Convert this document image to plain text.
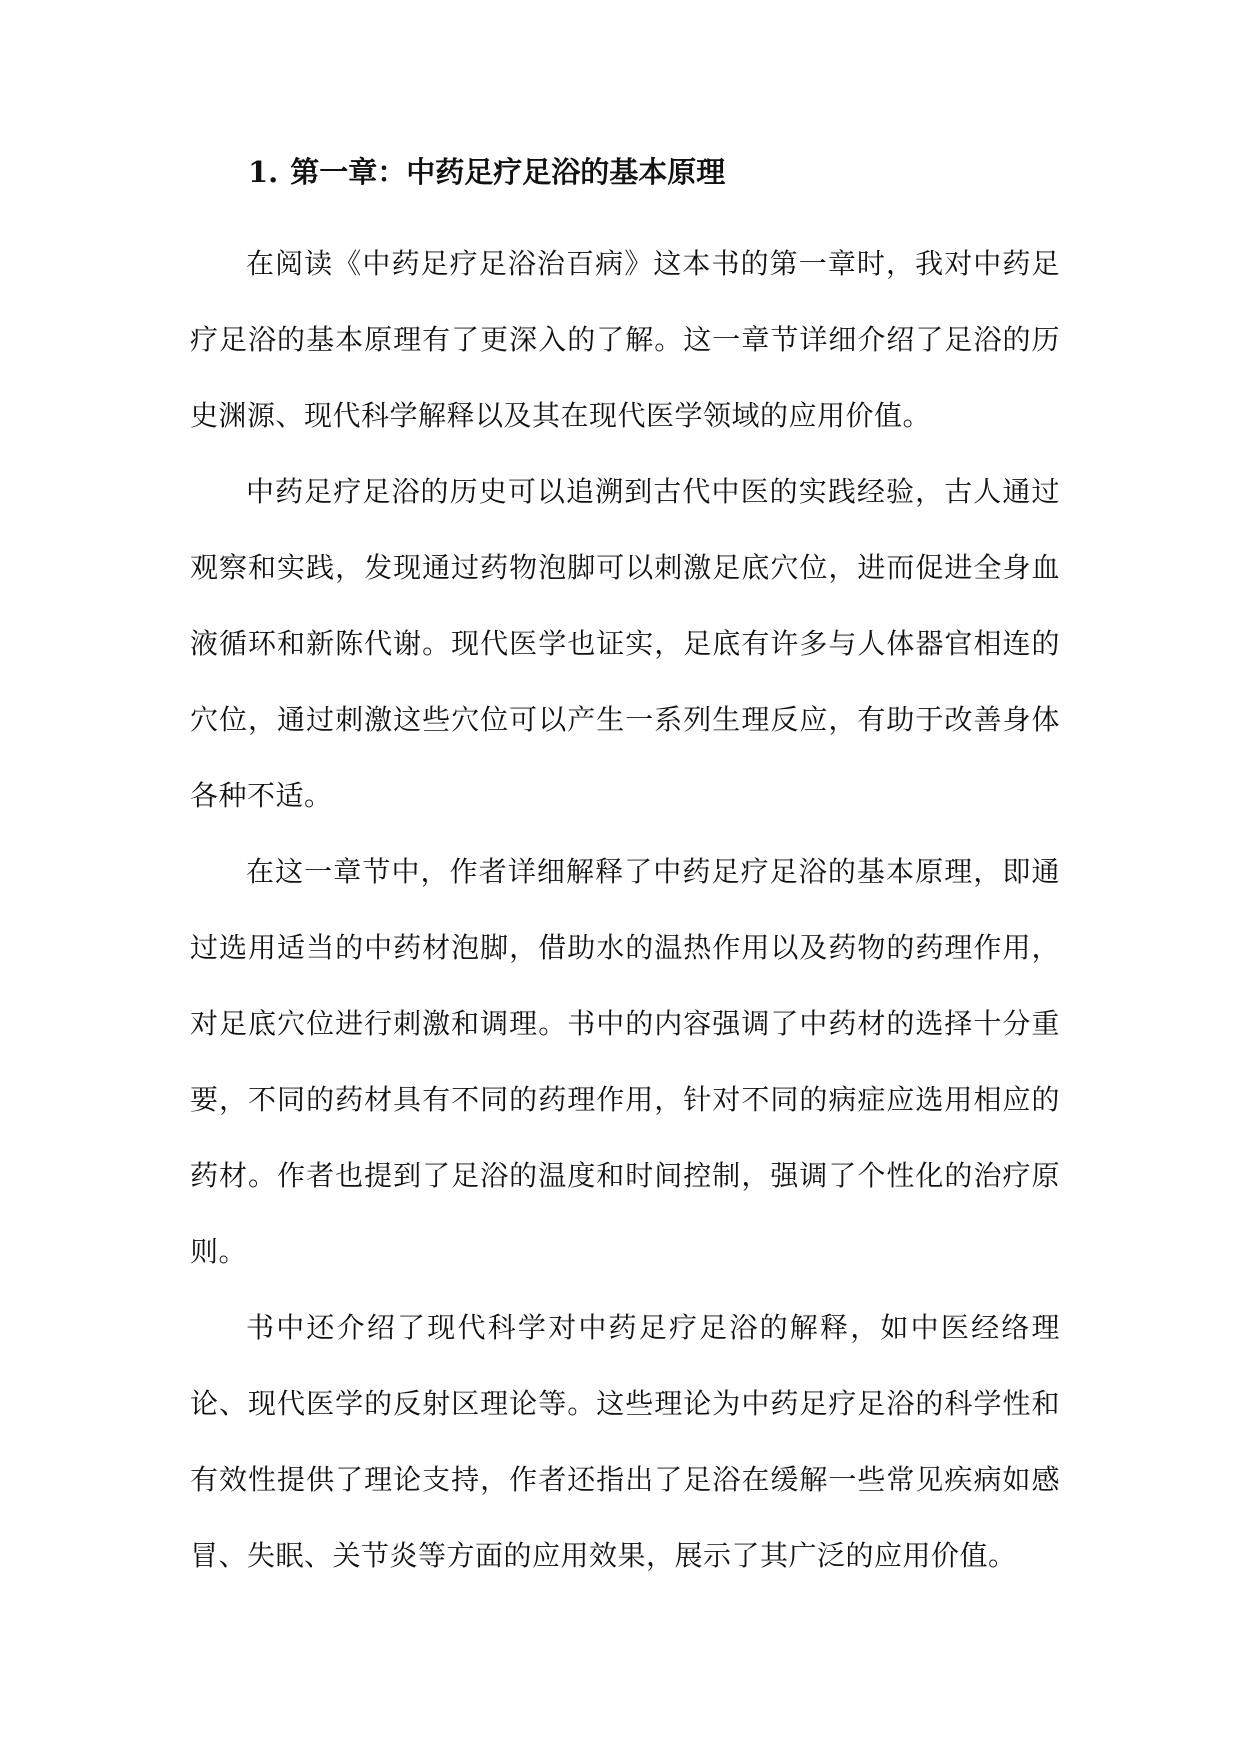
1. 第一章：中药足疗足浴的基本原理

在阅读《中药足疗足浴治百病》这本书的第一章时，我对中药足疗足浴的基本原理有了更深入的了解。这一章节详细介绍了足浴的历史渊源、现代科学解释以及其在现代医学领域的应用价值。

中药足疗足浴的历史可以追溯到古代中医的实践经验，古人通过观察和实践，发现通过药物泡脚可以刺激足底穴位，进而促进全身血液循环和新陈代谢。现代医学也证实，足底有许多与人体器官相连的穴位，通过刺激这些穴位可以产生一系列生理反应，有助于改善身体各种不适。

在这一章节中，作者详细解释了中药足疗足浴的基本原理，即通过选用适当的中药材泡脚，借助水的温热作用以及药物的药理作用，对足底穴位进行刺激和调理。书中的内容强调了中药材的选择十分重要，不同的药材具有不同的药理作用，针对不同的病症应选用相应的药材。作者也提到了足浴的温度和时间控制，强调了个性化的治疗原则。

书中还介绍了现代科学对中药足疗足浴的解释，如中医经络理论、现代医学的反射区理论等。这些理论为中药足疗足浴的科学性和有效性提供了理论支持，作者还指出了足浴在缓解一些常见疾病如感冒、失眠、关节炎等方面的应用效果，展示了其广泛的应用价值。
